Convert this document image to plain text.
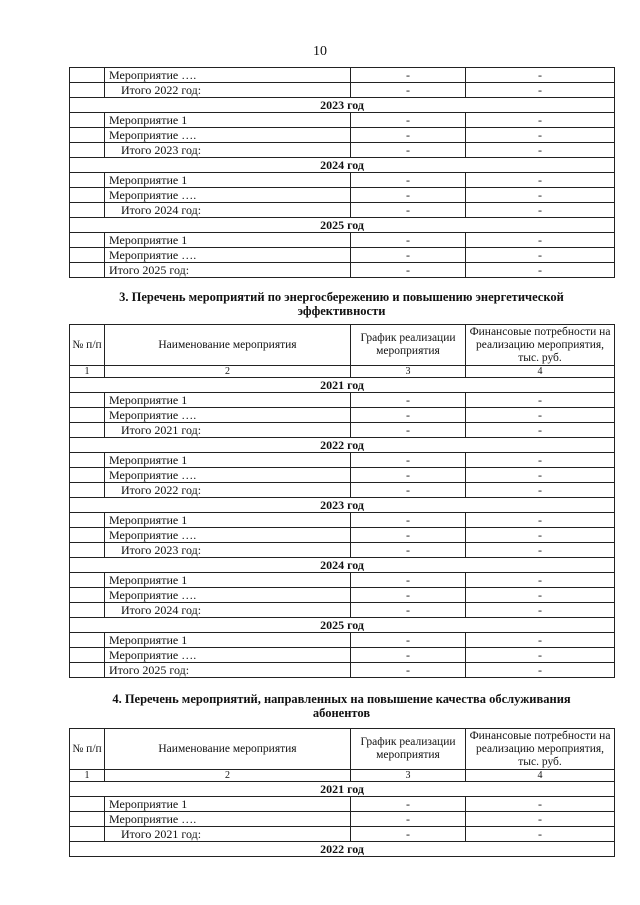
10
	Мероприятие ….	-	-
	Итого 2022 год:	-	-
2023 год			
	Мероприятие 1	-	-
	Мероприятие ….	-	-
	Итого 2023 год:	-	-
2024 год			
	Мероприятие 1	-	-
	Мероприятие ….	-	-
	Итого 2024 год:	-	-
2025 год			
	Мероприятие 1	-	-
	Мероприятие ….	-	-
	Итого 2025 год:	-	-
3. Перечень мероприятий по энергосбережению и повышению энергетической
эффективности
№ п/п	Наименование мероприятия	График реализации мероприятия	Финансовые потребности на реализацию мероприятия, тыс. руб.
1	2	3	4
2021 год			
	Мероприятие 1	-	-
	Мероприятие ….	-	-
	Итого 2021 год:	-	-
2022 год			
	Мероприятие 1	-	-
	Мероприятие ….	-	-
	Итого 2022 год:	-	-
2023 год			
	Мероприятие 1	-	-
	Мероприятие ….	-	-
	Итого 2023 год:	-	-
2024 год			
	Мероприятие 1	-	-
	Мероприятие ….	-	-
	Итого 2024 год:	-	-
2025 год			
	Мероприятие 1	-	-
	Мероприятие ….	-	-
	Итого 2025 год:	-	-
4. Перечень мероприятий, направленных на повышение качества обслуживания
абонентов
№ п/п	Наименование мероприятия	График реализации мероприятия	Финансовые потребности на реализацию мероприятия, тыс. руб.
1	2	3	4
2021 год			
	Мероприятие 1	-	-
	Мероприятие ….	-	-
	Итого 2021 год:	-	-
2022 год			
